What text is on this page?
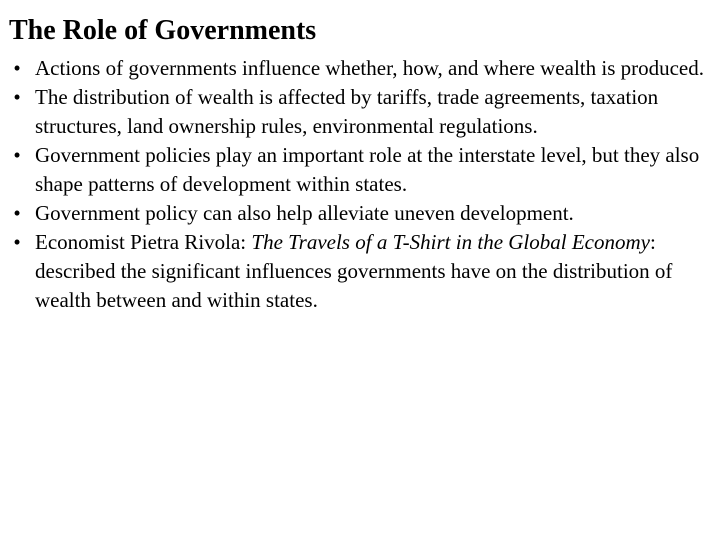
The Role of Governments
• Actions of governments influence whether, how, and where wealth is produced.
• The distribution of wealth is affected by tariffs, trade agreements, taxation structures, land ownership rules, environmental regulations.
• Government policies play an important role at the interstate level, but they also shape patterns of development within states.
• Government policy can also help alleviate uneven development.
• Economist Pietra Rivola: The Travels of a T-Shirt in the Global Economy: described the significant influences governments have on the distribution of wealth between and within states.
